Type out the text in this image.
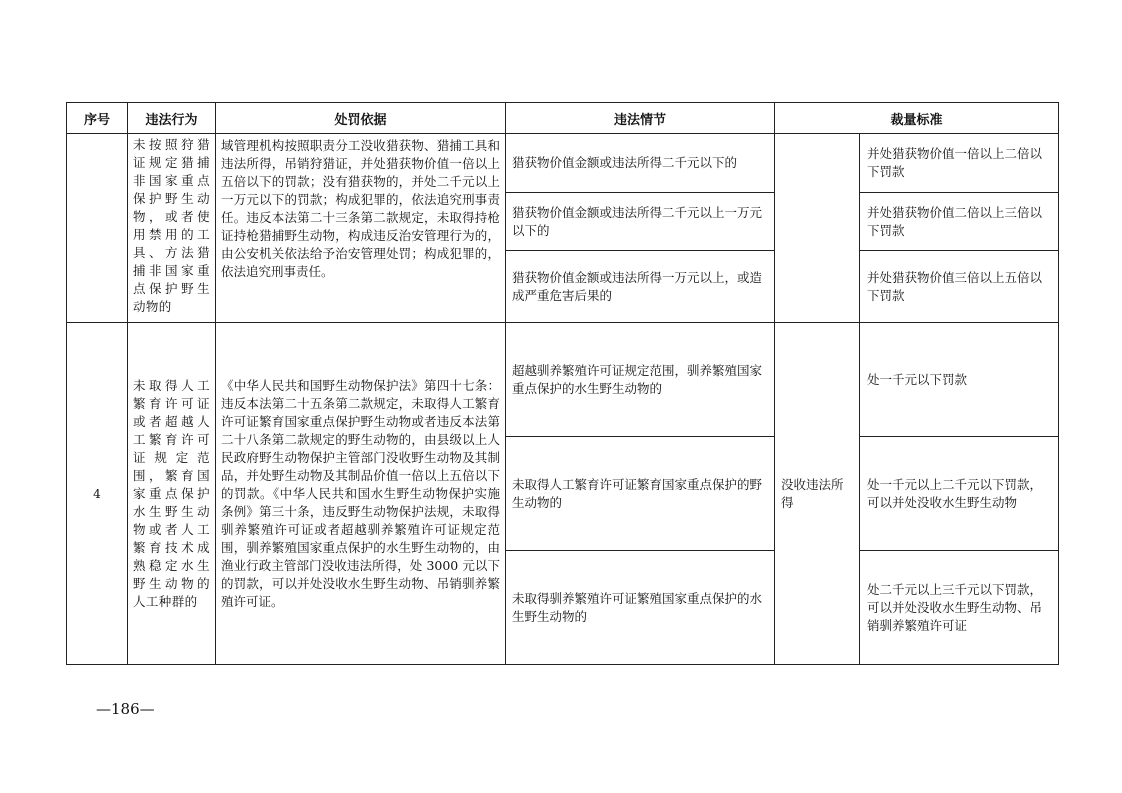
序号	违法行为	处罚依据	违法情节	裁量标准	
	未按照狩猎证规定猎捕非国家重点保护野生动物，或者使用禁用的工具、方法猎捕非国家重点保护野生动物的	域管理机构按照职责分工没收猎获物、猎捕工具和违法所得，吊销狩猎证，并处猎获物价值一倍以上五倍以下的罚款；没有猎获物的，并处二千元以上一万元以下的罚款；构成犯罪的，依法追究刑事责任。违反本法第二十三条第二款规定，未取得持枪证持枪猎捕野生动物，构成违反治安管理行为的，由公安机关依法给予治安管理处罚；构成犯罪的，依法追究刑事责任。	猎获物价值金额或违法所得二千元以下的		并处猎获物价值一倍以上二倍以下罚款
			猎获物价值金额或违法所得二千元以上一万元以下的		并处猎获物价值二倍以上三倍以下罚款
			猎获物价值金额或违法所得一万元以上，或造成严重危害后果的		并处猎获物价值三倍以上五倍以下罚款
4	未取得人工繁育许可证或者超越人工繁育许可证规定范围，繁育国家重点保护水生野生动物或者人工繁育技术成熟稳定水生野生动物的人工种群的	《中华人民共和国野生动物保护法》第四十七条：违反本法第二十五条第二款规定，未取得人工繁育许可证繁育国家重点保护野生动物或者违反本法第二十八条第二款规定的野生动物的，由县级以上人民政府野生动物保护主管部门没收野生动物及其制品，并处野生动物及其制品价值一倍以上五倍以下的罚款。《中华人民共和国水生野生动物保护实施条例》第三十条，违反野生动物保护法规，未取得驯养繁殖许可证或者超越驯养繁殖许可证规定范围，驯养繁殖国家重点保护的水生野生动物的，由渔业行政主管部门没收违法所得，处 3000 元以下的罚款，可以并处没收水生野生动物、吊销驯养繁殖许可证。	超越驯养繁殖许可证规定范围，驯养繁殖国家重点保护的水生野生动物的	没收违法所得	处一千元以下罚款
			未取得人工繁育许可证繁育国家重点保护的野生动物的		处一千元以上二千元以下罚款，可以并处没收水生野生动物
			未取得驯养繁殖许可证繁殖国家重点保护的水生野生动物的		处二千元以上三千元以下罚款，可以并处没收水生野生动物、吊销驯养繁殖许可证
—186—
